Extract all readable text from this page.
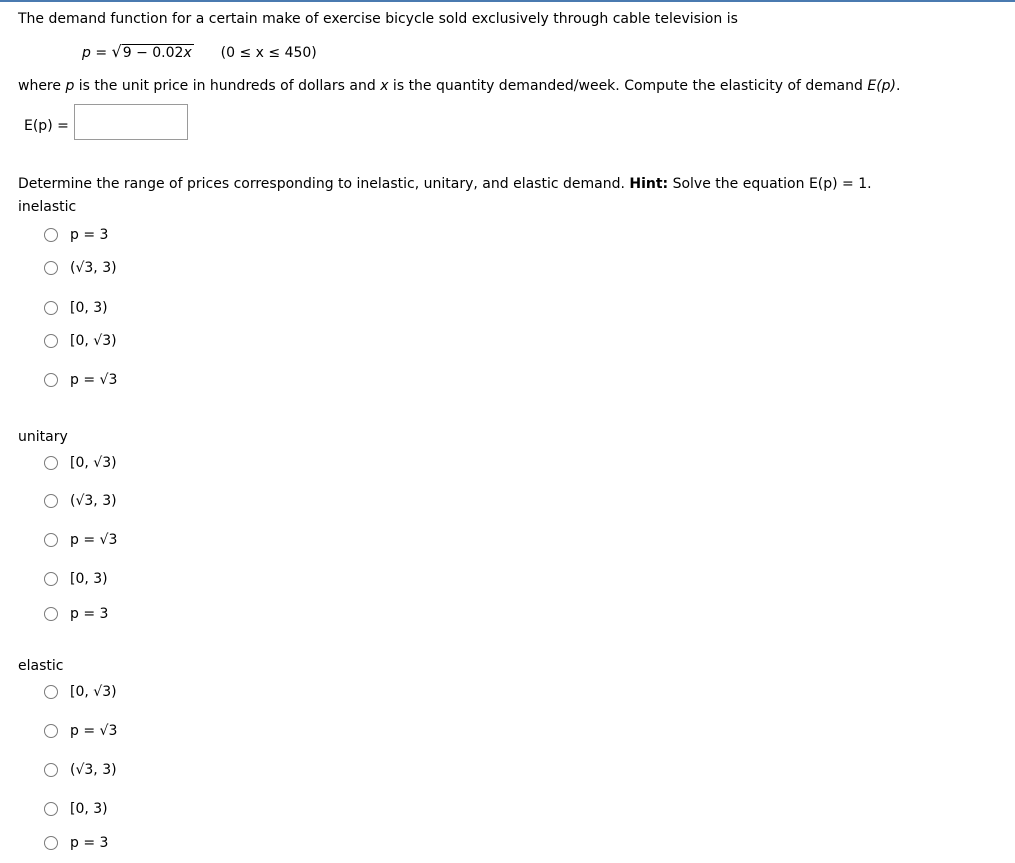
The demand function for a certain make of exercise bicycle sold exclusively through cable television is
p = √9 − 0.02x (0 ≤ x ≤ 450)
where p is the unit price in hundreds of dollars and x is the quantity demanded/week. Compute the elasticity of demand E(p).
E(p) =
Determine the range of prices corresponding to inelastic, unitary, and elastic demand. Hint: Solve the equation E(p) = 1.
inelastic
p = 3
(√3, 3)
[0, 3)
[0, √3)
p = √3
unitary
[0, √3)
(√3, 3)
p = √3
[0, 3)
p = 3
elastic
[0, √3)
p = √3
(√3, 3)
[0, 3)
p = 3
